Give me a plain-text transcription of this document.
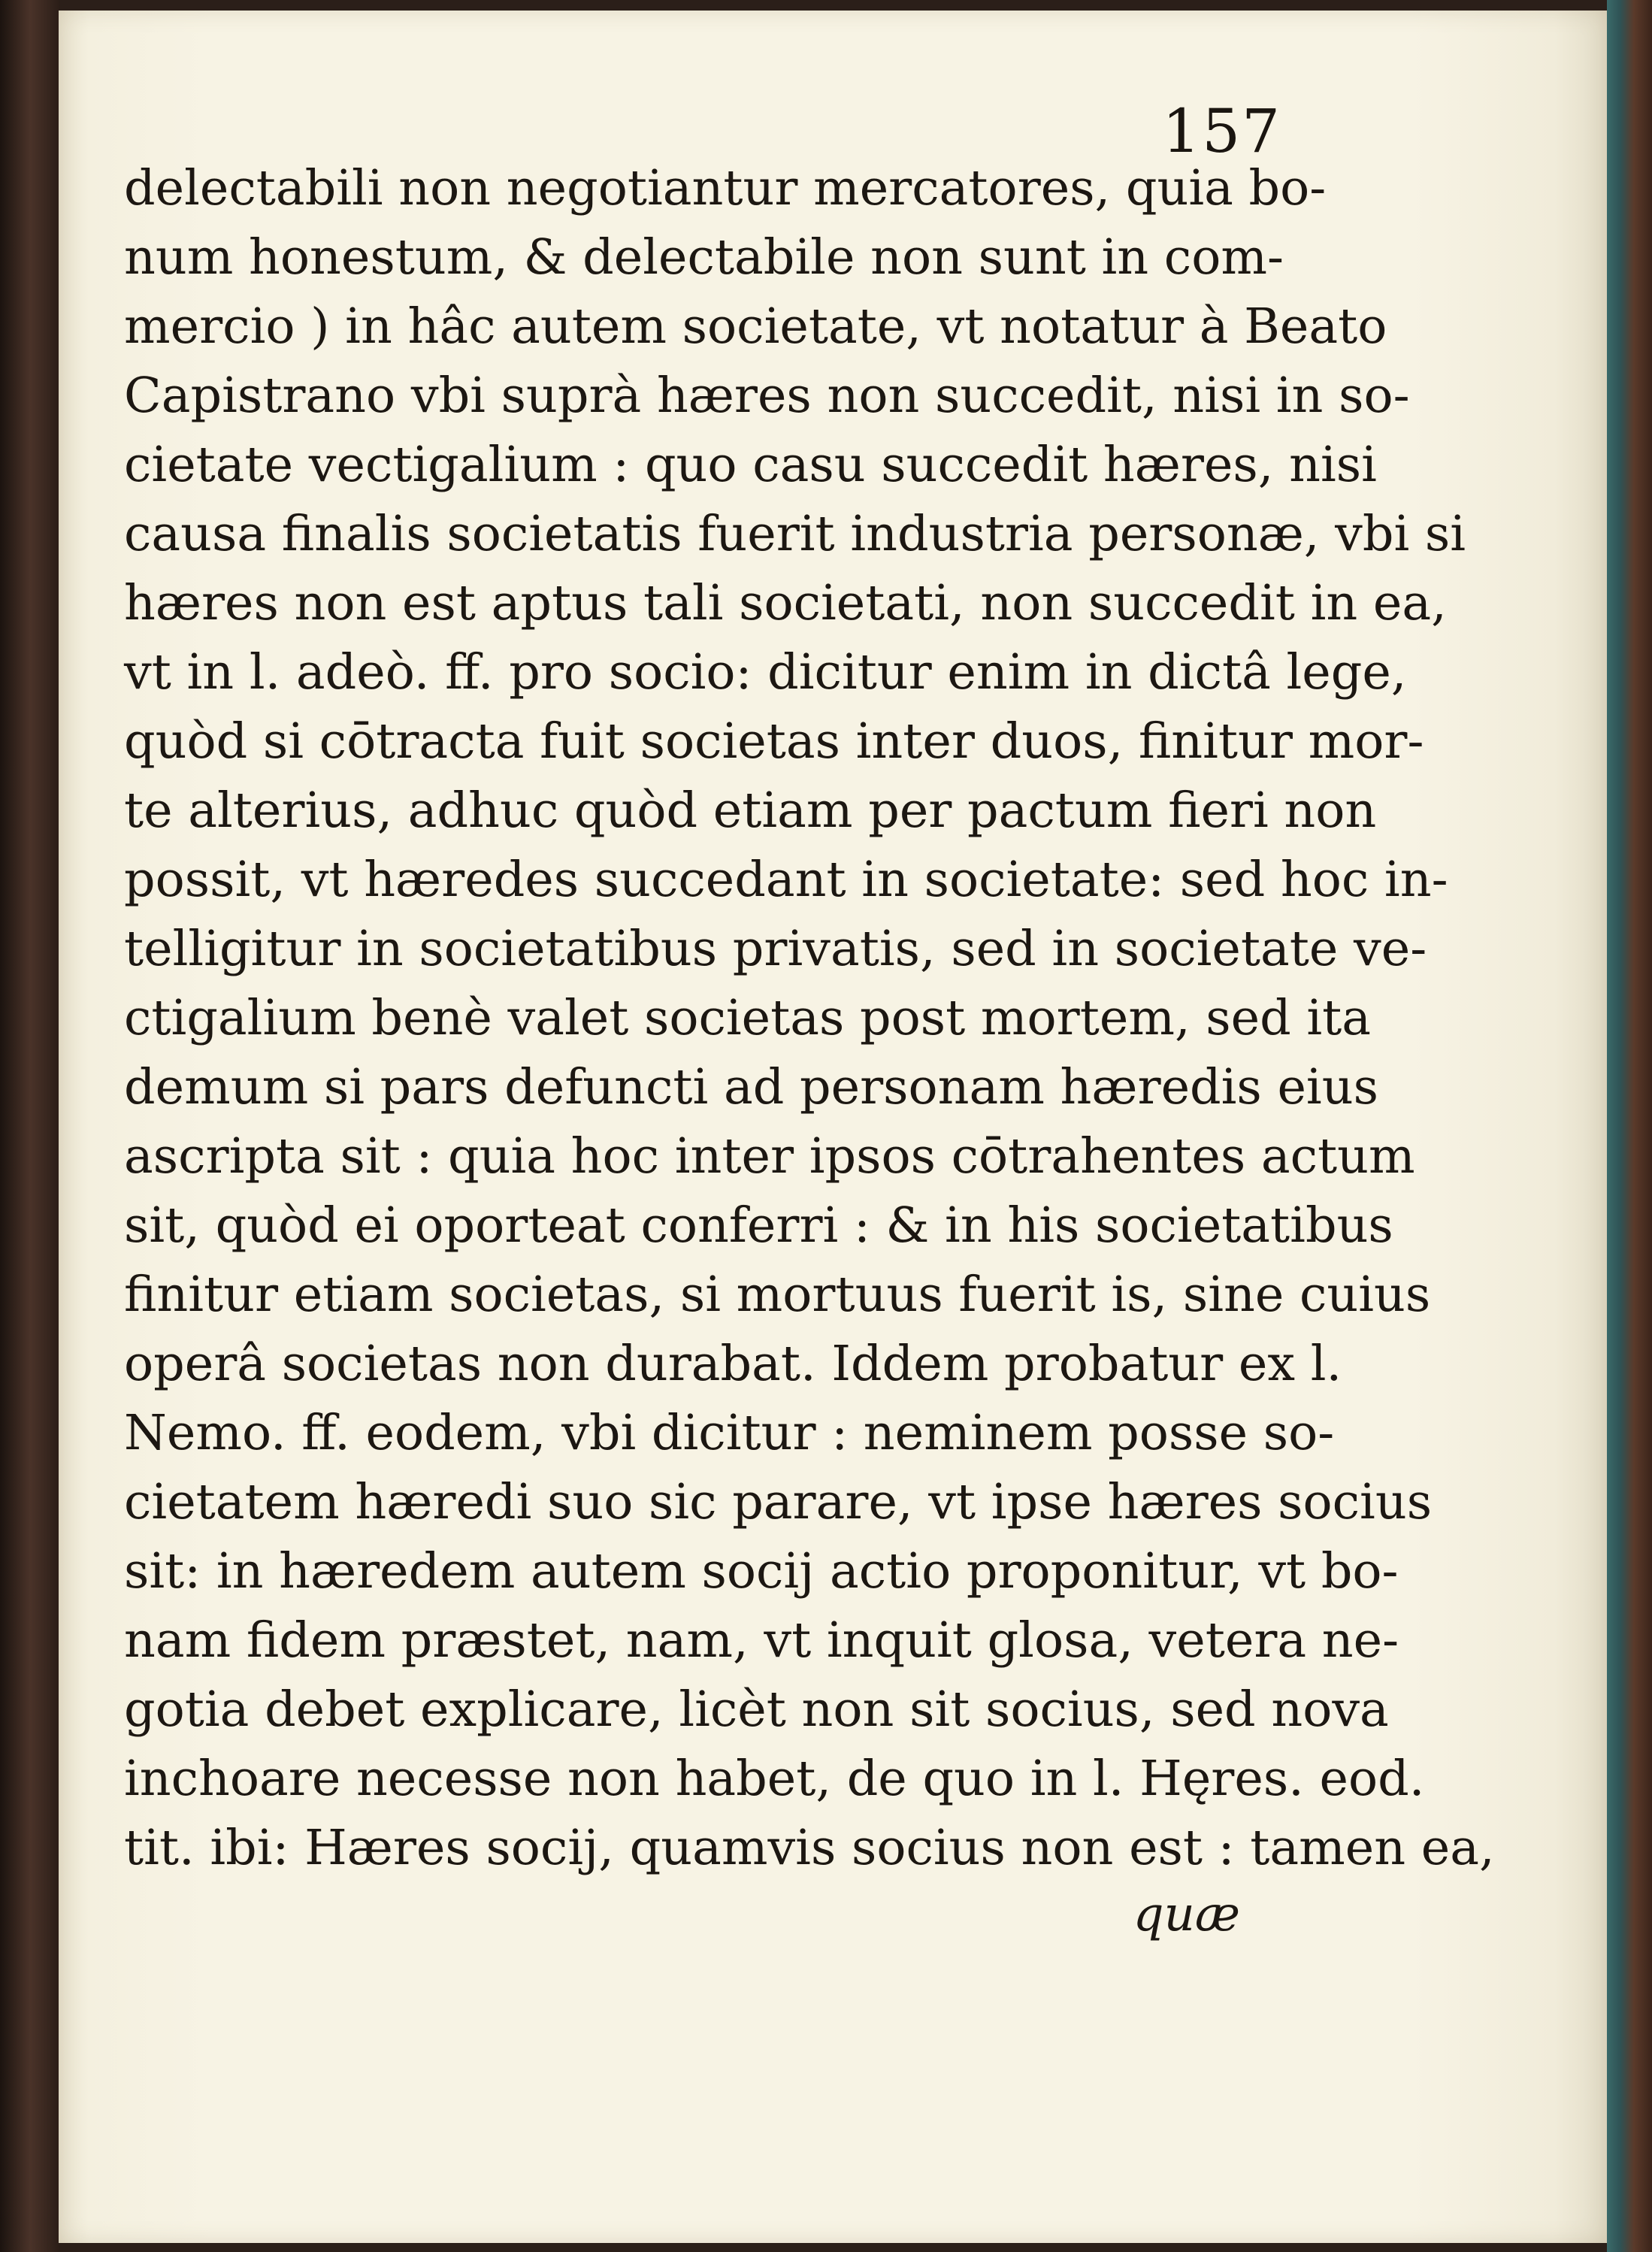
157
delectabili non negotiantur mercatores, quia bo-
num honestum, & delectabile non sunt in com-
mercio ) in hâc autem societate, vt notatur à Beato
Capistrano vbi suprà hæres non succedit, nisi in so-
cietate vectigalium : quo casu succedit hæres, nisi
causa finalis societatis fuerit industria personæ, vbi si
hæres non est aptus tali societati, non succedit in ea,
vt in l. adeò. ff. pro socio: dicitur enim in dictâ lege,
quòd si cōtracta fuit societas inter duos, finitur mor-
te alterius, adhuc quòd etiam per pactum fieri non
possit, vt hæredes succedant in societate: sed hoc in-
telligitur in societatibus privatis, sed in societate ve-
ctigalium benè valet societas post mortem, sed ita
demum si pars defuncti ad personam hæredis eius
ascripta sit : quia hoc inter ipsos cōtrahentes actum
sit, quòd ei oporteat conferri : & in his societatibus
finitur etiam societas, si mortuus fuerit is, sine cuius
operâ societas non durabat. Iddem probatur ex l.
Nemo. ff. eodem, vbi dicitur : neminem posse so-
cietatem hæredi suo sic parare, vt ipse hæres socius
sit: in hæredem autem socij actio proponitur, vt bo-
nam fidem præstet, nam, vt inquit glosa, vetera ne-
gotia debet explicare, licèt non sit socius, sed nova
inchoare necesse non habet, de quo in l. Hęres. eod.
tit. ibi: Hæres socij, quamvis socius non est : tamen ea,
quæ
